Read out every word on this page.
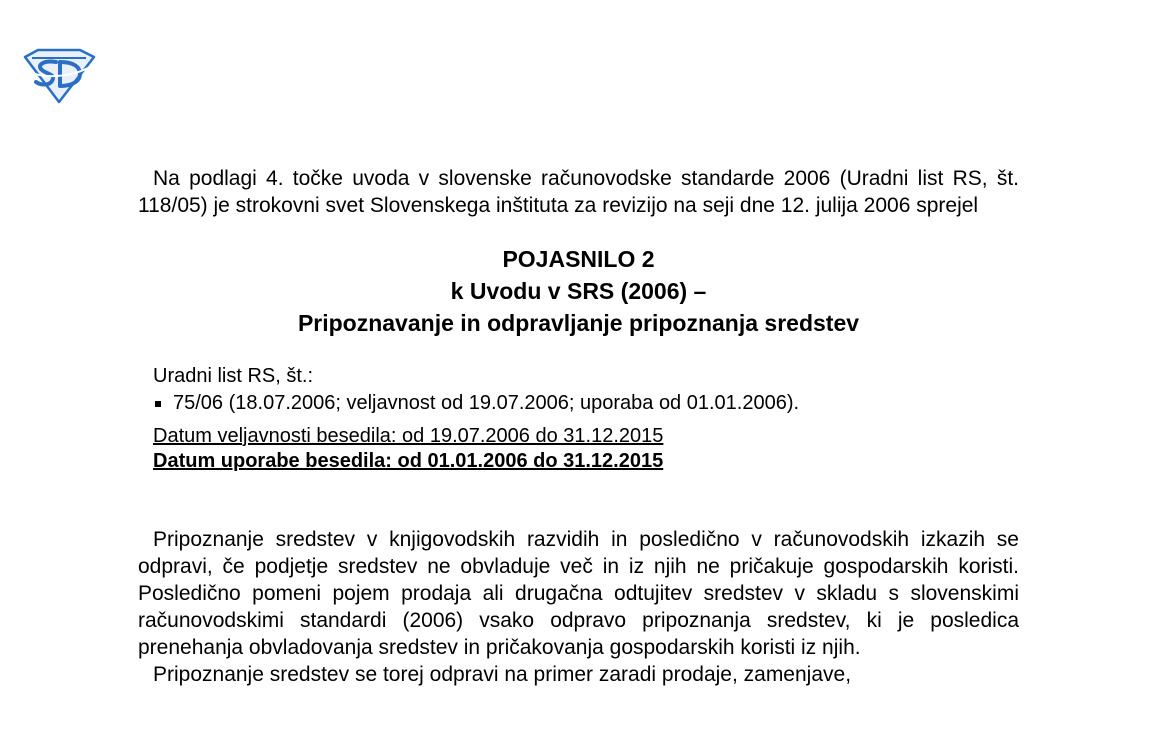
Na podlagi 4. točke uvoda v slovenske računovodske standarde 2006 (Uradni list RS, št. 118/05) je strokovni svet Slovenskega inštituta za revizijo na seji dne 12. julija 2006 sprejel

POJASNILO 2
k Uvodu v SRS (2006) –
Pripoznavanje in odpravljanje pripoznanja sredstev
Uradni list RS, št.:
75/06 (18.07.2006; veljavnost od 19.07.2006; uporaba od 01.01.2006).
Datum veljavnosti besedila: od 19.07.2006 do 31.12.2015
Datum uporabe besedila: od 01.01.2006 do 31.12.2015

Pripoznanje sredstev v knjigovodskih razvidih in posledično v računovodskih izkazih se odpravi, če podjetje sredstev ne obvladuje več in iz njih ne pričakuje gospodarskih koristi. Posledično pomeni pojem prodaja ali drugačna odtujitev sredstev v skladu s slovenskimi računovodskimi standardi (2006) vsako odpravo pripoznanja sredstev, ki je posledica prenehanja obvladovanja sredstev in pričakovanja gospodarskih koristi iz njih.

Pripoznanje sredstev se torej odpravi na primer zaradi prodaje, zamenjave,
